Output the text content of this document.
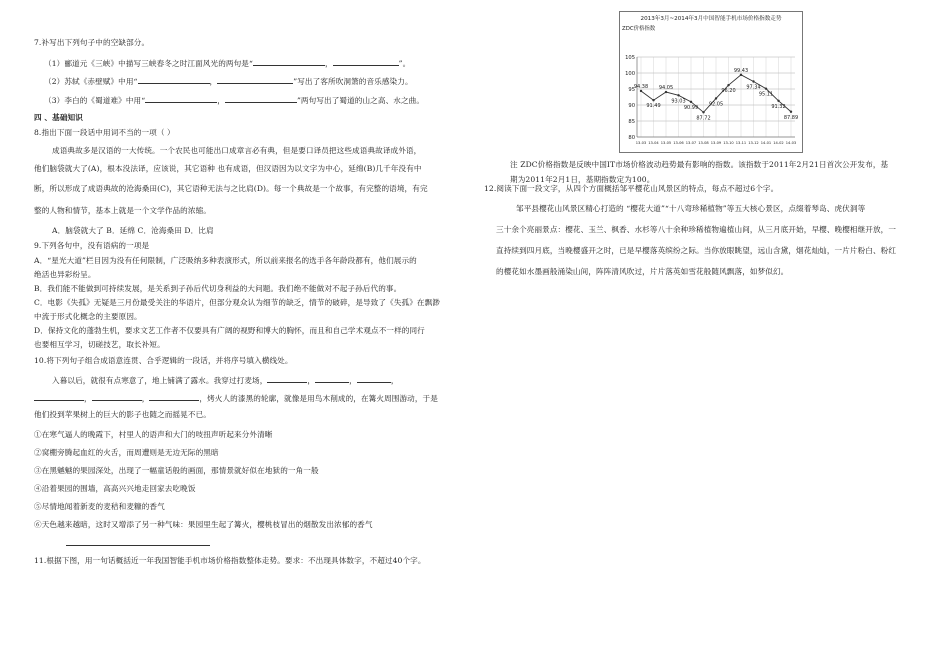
7.补写出下列句子中的空缺部分。
（1）郦道元《三峡》中描写三峡春冬之时江面风光的两句是“	，	”。
（2）苏轼《赤壁赋》中用“	，	”写出了客所吹洞箫的音乐感染力。
（3）李白的《蜀道难》中用“	，	”两句写出了蜀道的山之高、水之曲。
四 、基础知识
8.指出下面一段话中用词不当的一项（ ）
成语典故多是汉语的一大传统。一个农民也可能出口成章言必有典，但是要口译员把这些成语典故译成外语，
他们脑袋就大了(A)，根本没法译，应该说，其它语种 也有成语，但汉语因为以文字为中心，延绵(B)几千年没有中
断，所以形成了成语典故的沧海桑田(C)，其它语种无法与之比肩(D)。每一个典故是一个故事，有完整的语境，有完
整的人物和情节，基本上就是一个文学作品的浓缩。
A．脑袋就大了 B．延绵 C．沧海桑田 D．比肩
9.下列各句中，没有语病的一项是
A．“星光大道”栏目因为没有任何限制，广泛吸纳多种表演形式，所以前来报名的选手各年龄段都有，他们展示的
绝活也异彩纷呈。
B．我们能不能做到可持续发展，是关系到子孙后代切身利益的大问题。我们绝不能做对不起子孙后代的事。
C．电影《失孤》无疑是三月份最受关注的华语片，但部分观众认为细节的缺乏，情节的破碎，是导致了《失孤》在飘渺
中流于形式化概念的主要原因。
D．保持文化的蓬勃生机，要求文艺工作者不仅要具有广阔的视野和博大的胸怀，而且和自己学术观点不一样的同行
也要相互学习，切磋技艺，取长补短。
10.将下列句子组合成语意连贯、合乎逻辑的一段话，并将序号填入横线处。
入暮以后，就很有点寒意了，地上铺满了露水。我穿过打麦场，	，	，	，
，	，	，烤火人的漆黑的轮廓，就像是用鸟木削成的，在篝火周围游动，于是
他们投到苹果树上的巨大的影子也随之而摇晃不已。
①在寒气逼人的晚霞下，村里人的语声和大门的吱扭声听起来分外清晰
②窝棚旁腾起血红的火舌，而周遭则是无边无际的黑暗
③在黑魆魆的果园深处，出现了一幅童话般的画面，那情景就好似在地狱的一角一般
④沿着果园的围墙，高高兴兴地走回家去吃晚饭
⑤尽情地闻着新麦的麦秸和麦糠的香气
⑥天色越来越暗，这时又增添了另一种气味：果园里生起了篝火，樱桃枝冒出的烟散发出浓郁的香气
11.根据下图，用一句话概括近一年我国智能手机市场价格指数整体走势。要求：不出现具体数字，不超过40个字。
2013年3月~2014年3月中国智能手机市场价格指数走势
ZDC价格指数
80
85
90
95
100
105
13-03 13-04 13-05 13-06 13-07 13-08 13-09 13-10 13-11 13-12 14-01 14-02 14-03
94.38
91.49
94.05
93.03
90.99
87.72
92.05
96.20
99.43
97.34
95.11
91.32
87.89
注 ZDC价格指数是反映中国IT市场价格波动趋势最有影响的指数。该指数于2011年2月21日首次公开发布，基
期为2011年2月1日，基期指数定为100。
12.阅读下面一段文字，从四个方面概括邹平樱花山风景区的特点，每点不超过6个字。
邹平县樱花山风景区精心打造的 “樱花大道”“十八弯珍稀植物”等五大核心景区，点缀着琴岛、虎伏洞等
三十余个亮丽景点：樱花、玉兰、枫香、水杉等八十余种珍稀植物遍植山间，从三月底开始，早樱、晚樱相继开放，一
直持续到四月底，当晚樱盛开之时，已是早樱落英缤纷之际。当你放眼眺望，远山含黛，烟花灿灿，一片片粉白、粉红
的樱花如水墨画般涌染山间，阵阵清风吹过，片片落英如雪花般随风飘落，如梦似幻。
